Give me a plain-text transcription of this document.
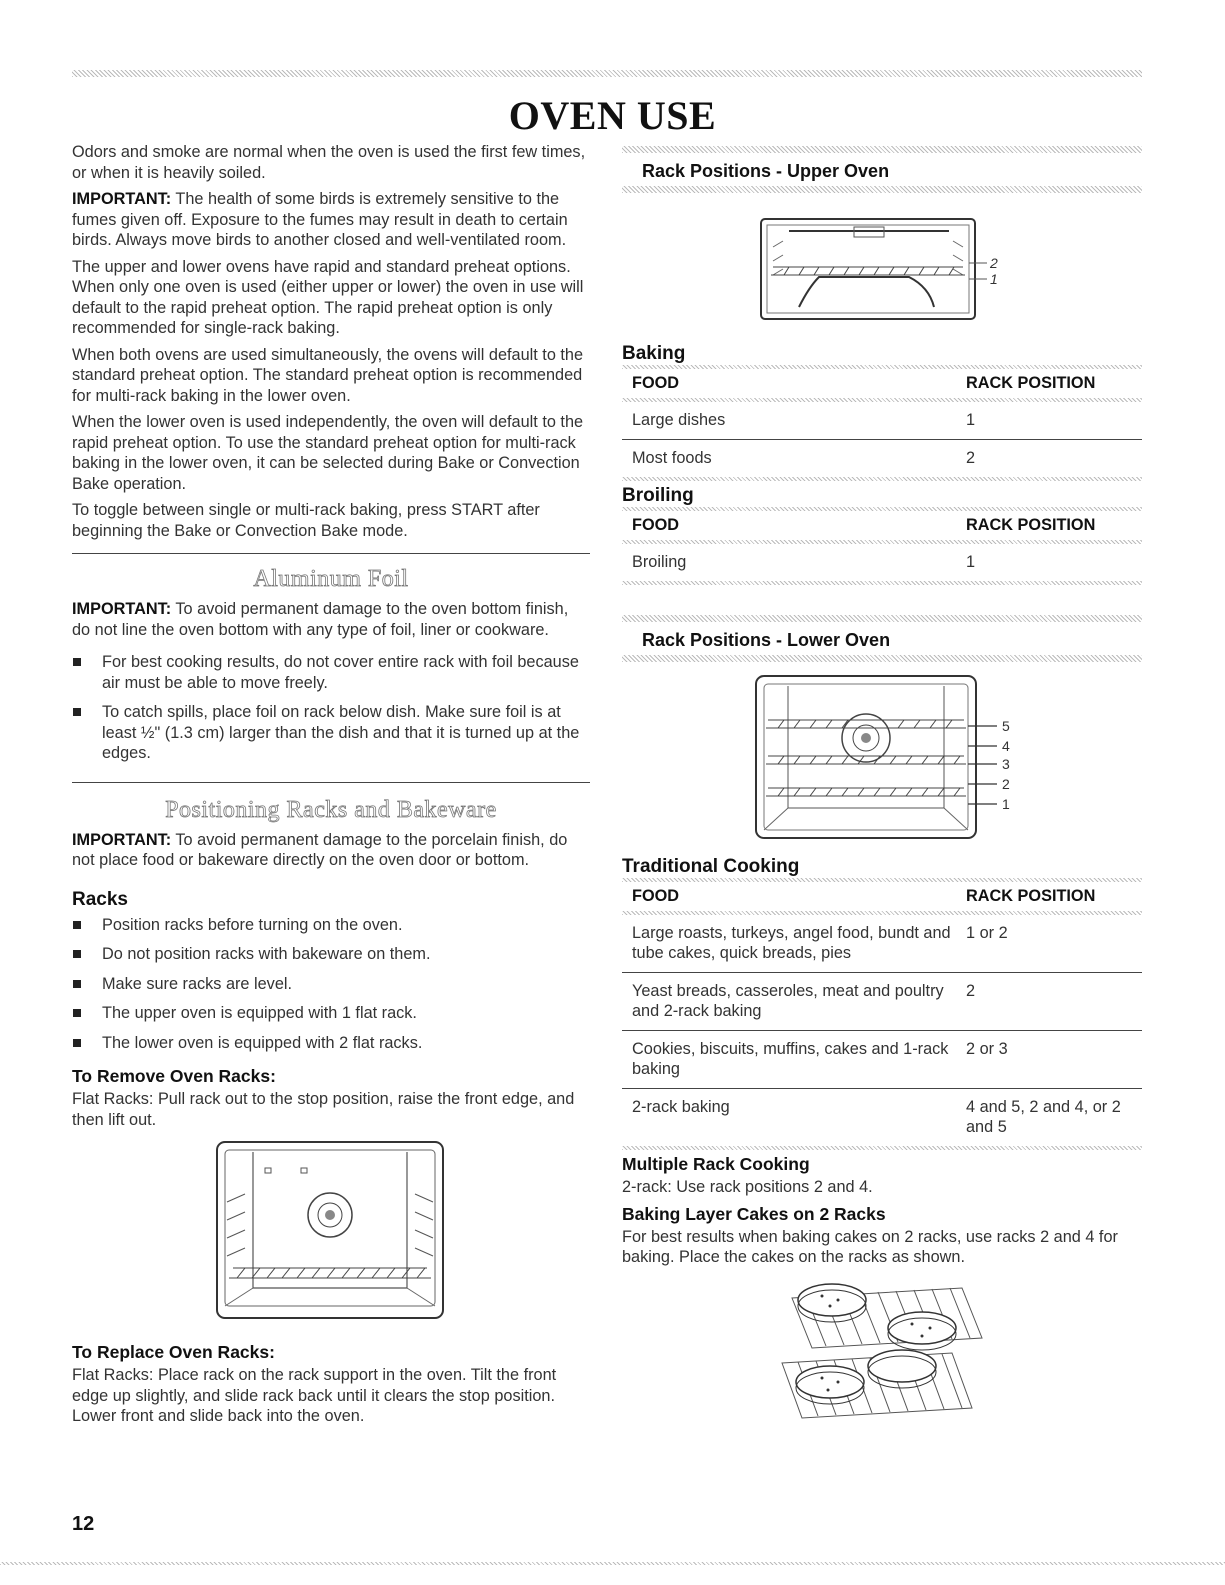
OVEN USE

Odors and smoke are normal when the oven is used the first few times, or when it is heavily soiled.

IMPORTANT: The health of some birds is extremely sensitive to the fumes given off. Exposure to the fumes may result in death to certain birds. Always move birds to another closed and well-ventilated room.

The upper and lower ovens have rapid and standard preheat options. When only one oven is used (either upper or lower) the oven in use will default to the rapid preheat option. The rapid preheat option is only recommended for single-rack baking.

When both ovens are used simultaneously, the ovens will default to the standard preheat option. The standard preheat option is recommended for multi-rack baking in the lower oven.

When the lower oven is used independently, the oven will default to the rapid preheat option. To use the standard preheat option for multi-rack baking in the lower oven, it can be selected during Bake or Convection Bake operation.

To toggle between single or multi-rack baking, press START after beginning the Bake or Convection Bake mode.

Aluminum Foil

IMPORTANT: To avoid permanent damage to the oven bottom finish, do not line the oven bottom with any type of foil, liner or cookware.

For best cooking results, do not cover entire rack with foil because air must be able to move freely.
To catch spills, place foil on rack below dish. Make sure foil is at least ½" (1.3 cm) larger than the dish and that it is turned up at the edges.
Positioning Racks and Bakeware

IMPORTANT: To avoid permanent damage to the porcelain finish, do not place food or bakeware directly on the oven door or bottom.

Racks
Position racks before turning on the oven.
Do not position racks with bakeware on them.
Make sure racks are level.
The upper oven is equipped with 1 flat rack.
The lower oven is equipped with 2 flat racks.
To Remove Oven Racks:

Flat Racks: Pull rack out to the stop position, raise the front edge, and then lift out.

To Replace Oven Racks:

Flat Racks: Place rack on the rack support in the oven. Tilt the front edge up slightly, and slide rack back until it clears the stop position. Lower front and slide back into the oven.

Rack Positions - Upper Oven
2
1
Baking
FOOD	RACK POSITION

Large dishes	1
Most foods	2
Broiling
FOOD	RACK POSITION

Broiling	1
Rack Positions - Lower Oven
5
4
3
2
1
Traditional Cooking
FOOD	RACK POSITION

Large roasts, turkeys, angel food, bundt and tube cakes, quick breads, pies	1 or 2
Yeast breads, casseroles, meat and poultry and 2-rack baking	2
Cookies, biscuits, muffins, cakes and 1-rack baking	2 or 3
2-rack baking	4 and 5, 2 and 4, or 2 and 5
Multiple Rack Cooking

2-rack: Use rack positions 2 and 4.

Baking Layer Cakes on 2 Racks

For best results when baking cakes on 2 racks, use racks 2 and 4 for baking. Place the cakes on the racks as shown.

12
